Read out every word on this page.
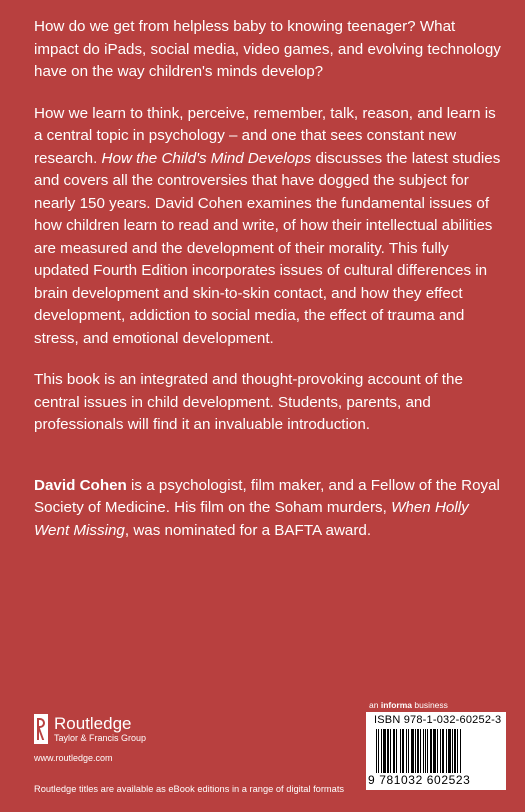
How do we get from helpless baby to knowing teenager? What impact do iPads, social media, video games, and evolving technology have on the way children's minds develop?

How we learn to think, perceive, remember, talk, reason, and learn is a central topic in psychology – and one that sees constant new research. How the Child's Mind Develops discusses the latest studies and covers all the controversies that have dogged the subject for nearly 150 years. David Cohen examines the fundamental issues of how children learn to read and write, of how their intellectual abilities are measured and the development of their morality. This fully updated Fourth Edition incorporates issues of cultural differences in brain development and skin-to-skin contact, and how they effect development, addiction to social media, the effect of trauma and stress, and emotional development.

This book is an integrated and thought-provoking account of the central issues in child development. Students, parents, and professionals will find it an invaluable introduction.

David Cohen is a psychologist, film maker, and a Fellow of the Royal Society of Medicine. His film on the Soham murders, When Holly Went Missing, was nominated for a BAFTA award.

Routledge
Taylor & Francis Group
www.routledge.com
Routledge titles are available as eBook editions in a range of digital formats
an informa business
ISBN 978-1-032-60252-3
9 781032 602523
